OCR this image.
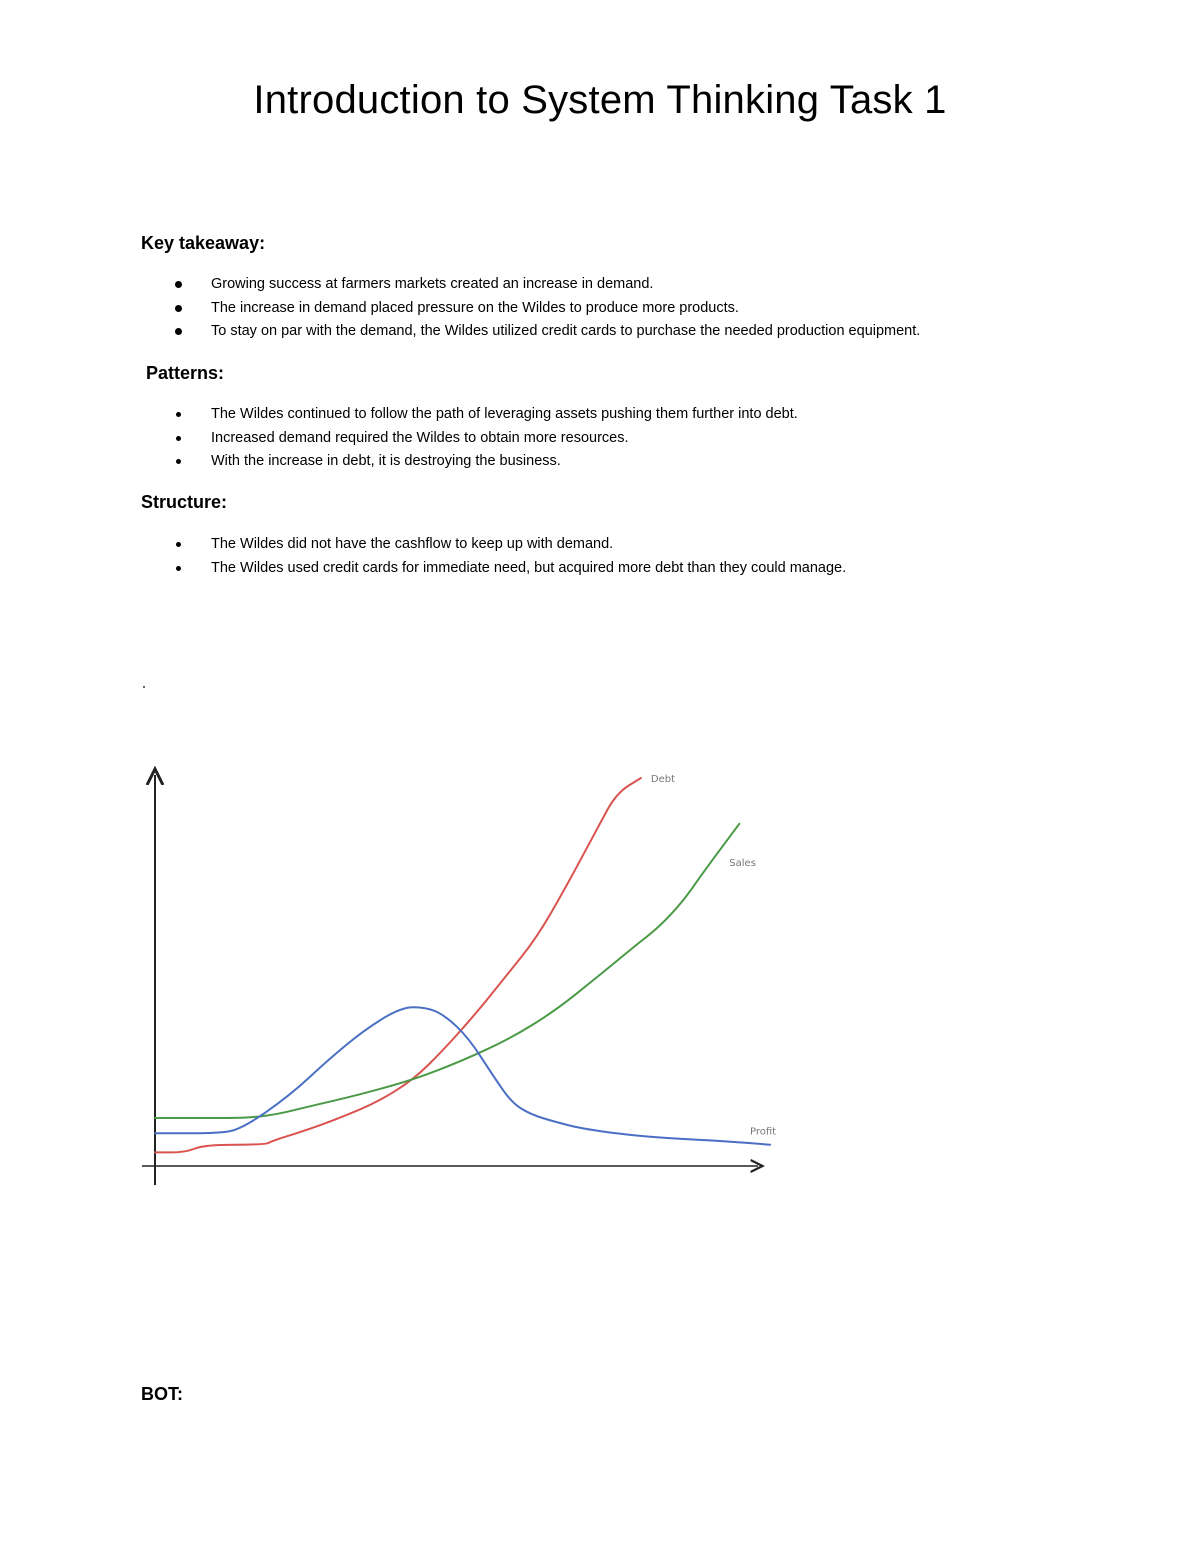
Introduction to System Thinking Task 1
Key takeaway:
Growing success at farmers markets created an increase in demand.
The increase in demand placed pressure on the Wildes to produce more products.
To stay on par with the demand, the Wildes utilized credit cards to purchase the needed production equipment.
Patterns:
The Wildes continued to follow the path of leveraging assets pushing them further into debt.
Increased demand required the Wildes to obtain more resources.
With the increase in debt, it is destroying the business.
Structure:
The Wildes did not have the cashflow to keep up with demand.
The Wildes used credit cards for immediate need, but acquired more debt than they could manage.
Debt
Sales
Profit
BOT:
